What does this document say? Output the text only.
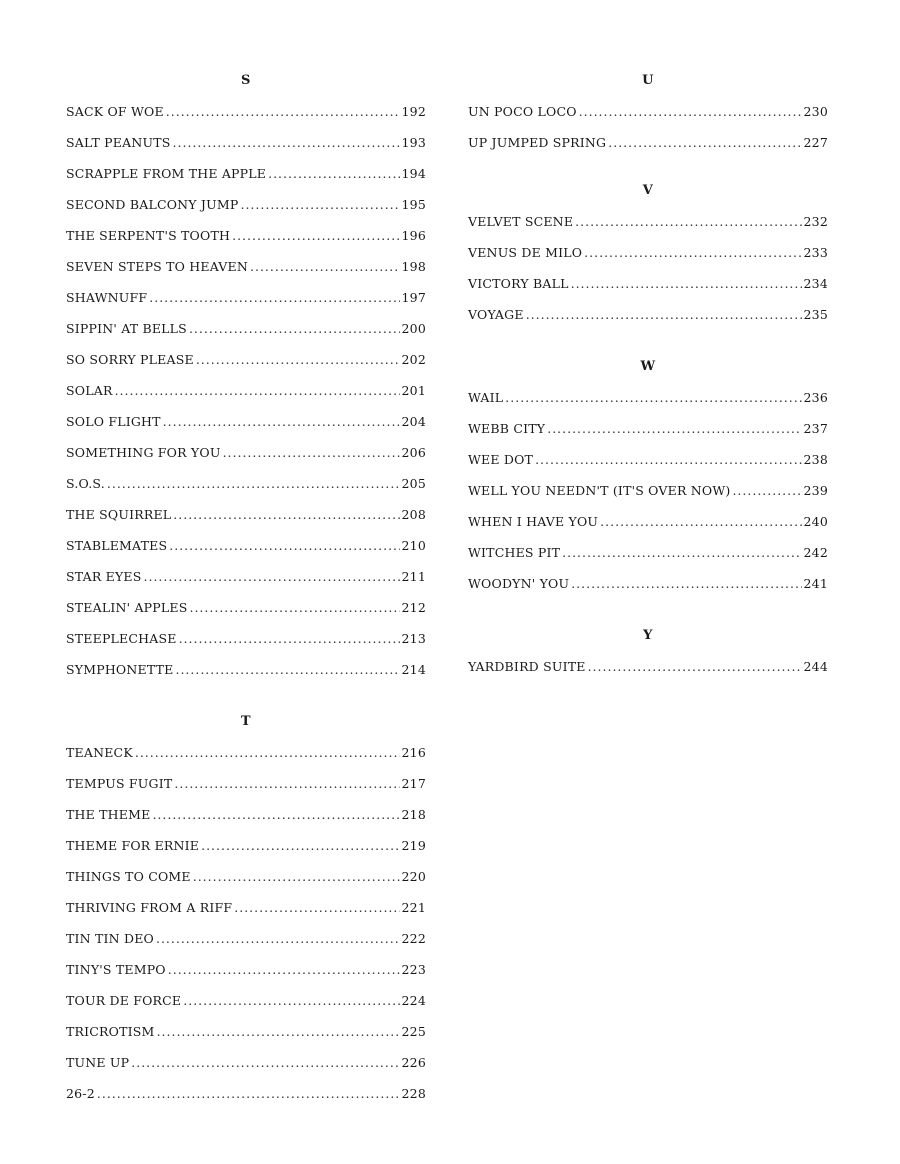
S
SACK OF WOE .....	192
SALT PEANUTS .....	193
SCRAPPLE FROM THE APPLE .....	194
SECOND BALCONY JUMP .....	195
THE SERPENT'S TOOTH .....	196
SEVEN STEPS TO HEAVEN .....	198
SHAWNUFF .....	197
SIPPIN' AT BELLS .....	200
SO SORRY PLEASE .....	202
SOLAR .....	201
SOLO FLIGHT .....	204
SOMETHING FOR YOU .....	206
S.O.S. .....	205
THE SQUIRREL .....	208
STABLEMATES .....	210
STAR EYES .....	211
STEALIN' APPLES .....	212
STEEPLECHASE .....	213
SYMPHONETTE .....	214
T
TEANECK .....	216
TEMPUS FUGIT .....	217
THE THEME .....	218
THEME FOR ERNIE .....	219
THINGS TO COME .....	220
THRIVING FROM A RIFF .....	221
TIN TIN DEO .....	222
TINY'S TEMPO .....	223
TOUR DE FORCE .....	224
TRICROTISM .....	225
TUNE UP .....	226
26-2 .....	228
U
UN POCO LOCO .....	230
UP JUMPED SPRING .....	227
V
VELVET SCENE .....	232
VENUS DE MILO .....	233
VICTORY BALL .....	234
VOYAGE .....	235
W
WAIL .....	236
WEBB CITY .....	237
WEE DOT .....	238
WELL YOU NEEDN'T (IT'S OVER NOW) .....	239
WHEN I HAVE YOU .....	240
WITCHES PIT .....	242
WOODYN' YOU .....	241
Y
YARDBIRD SUITE .....	244
